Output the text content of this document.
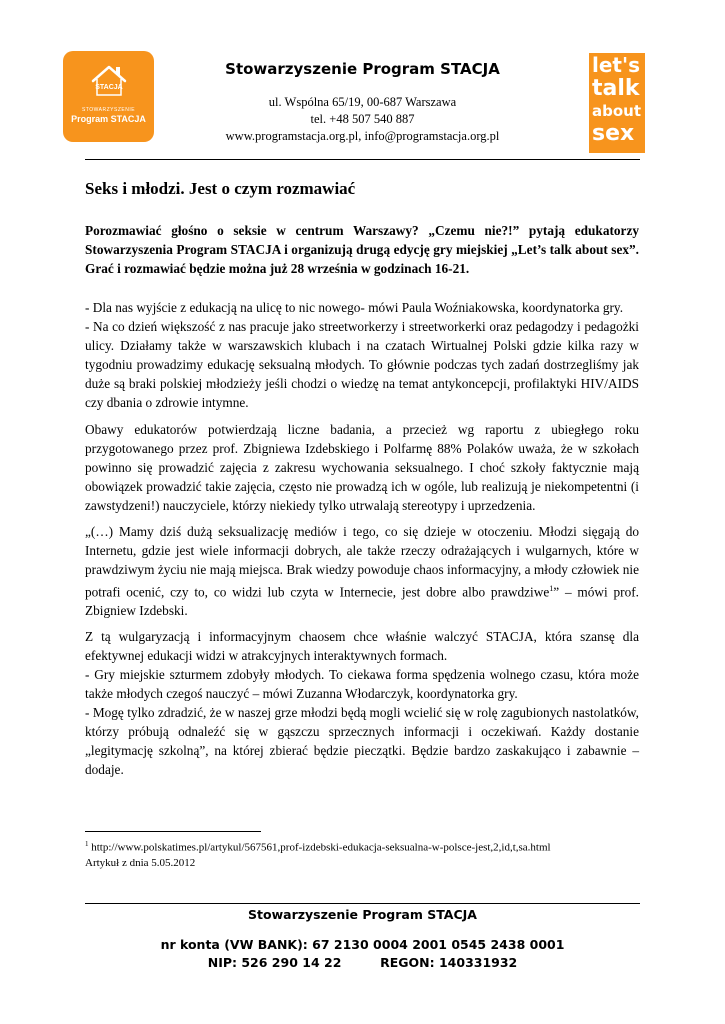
STACJA
STOWARZYSZENIE
Program STACJA
Stowarzyszenie Program STACJA
ul. Wspólna 65/19, 00-687 Warszawa
tel. +48 507 540 887
www.programstacja.org.pl, info@programstacja.org.pl
let's
talk
about
sex
Seks i młodzi. Jest o czym rozmawiać
Porozmawiać głośno o seksie w centrum Warszawy? „Czemu nie?!” pytają edukatorzy Stowarzyszenia Program STACJA i organizują drugą edycję gry miejskiej „Let’s talk about sex”. Grać i rozmawiać będzie można już 28 września w godzinach 16-21.

- Dla nas wyjście z edukacją na ulicę to nic nowego- mówi Paula Woźniakowska, koordynatorka gry.

- Na co dzień większość z nas pracuje jako streetworkerzy i streetworkerki oraz pedagodzy i pedagożki ulicy. Działamy także w warszawskich klubach i na czatach Wirtualnej Polski gdzie kilka razy w tygodniu prowadzimy edukację seksualną młodych. To głównie podczas tych zadań dostrzegliśmy jak duże są braki polskiej młodzieży jeśli chodzi o wiedzę na temat antykoncepcji, profilaktyki HIV/AIDS czy dbania o zdrowie intymne.

Obawy edukatorów potwierdzają liczne badania, a przecież wg raportu z ubiegłego roku przygotowanego przez prof. Zbigniewa Izdebskiego i Polfarmę 88% Polaków uważa, że w szkołach powinno się prowadzić zajęcia z zakresu wychowania seksualnego. I choć szkoły faktycznie mają obowiązek prowadzić takie zajęcia, często nie prowadzą ich w ogóle, lub realizują je niekompetentni (i zawstydzeni!) nauczyciele, którzy niekiedy tylko utrwalają stereotypy i uprzedzenia.
„(…) Mamy dziś dużą seksualizację mediów i tego, co się dzieje w otoczeniu. Młodzi sięgają do Internetu, gdzie jest wiele informacji dobrych, ale także rzeczy odrażających i wulgarnych, które w prawdziwym życiu nie mają miejsca. Brak wiedzy powoduje chaos informacyjny, a młody człowiek nie potrafi ocenić, czy to, co widzi lub czyta w Internecie, jest dobre albo prawdziwe$^1$” – mówi prof. Zbigniew Izdebski.

Z tą wulgaryzacją i informacyjnym chaosem chce właśnie walczyć STACJA, która szansę dla efektywnej edukacji widzi w atrakcyjnych interaktywnych formach.

- Gry miejskie szturmem zdobyły młodych. To ciekawa forma spędzenia wolnego czasu, która może także młodych czegoś nauczyć – mówi Zuzanna Włodarczyk, koordynatorka gry.

- Mogę tylko zdradzić, że w naszej grze młodzi będą mogli wcielić się w rolę zagubionych nastolatków, którzy próbują odnaleźć się w gąszczu sprzecznych informacji i oczekiwań. Każdy dostanie „legitymację szkolną”, na której zbierać będzie pieczątki. Będzie bardzo zaskakująco i zabawnie – dodaje.

$^1$ http://www.polskatimes.pl/artykul/567561,prof-izdebski-edukacja-seksualna-w-polsce-jest,2,id,t,sa.html
Artykuł z dnia 5.05.2012
Stowarzyszenie Program STACJA
nr konta (VW BANK): 67 2130 0004 2001 0545 2438 0001
NIP: 526 290 14 22	REGON: 140331932
